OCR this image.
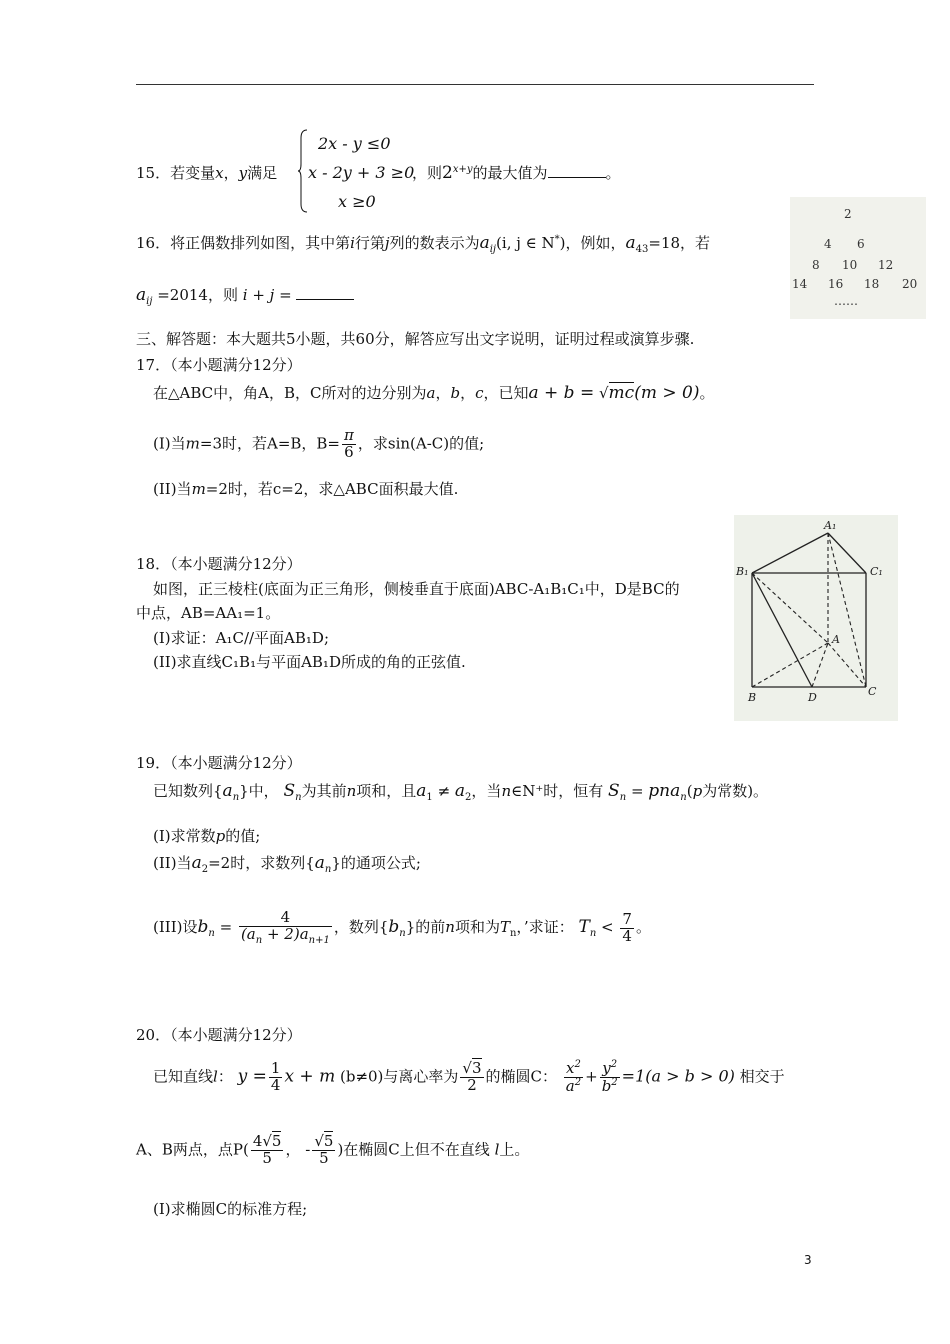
15．若变量x，y满足
2x - y ≤0
x - 2y + 3 ≥0
x ≥0
，则$2^{x+y}$的最大值为	。
16．将正偶数排列如图，其中第i行第j列的数表示为$a_{ij}(i$, j ∈ N*)，例如，$a_{43}=18$，若
$a_{ij} =2014$，则 i + j =
2
4 6
8 10 12
14 16 18 20
……
三、解答题：本大题共5小题，共60分，解答应写出文字说明，证明过程或演算步骤.
17．（本小题满分12分）
在△ABC中，角A，B，C所对的边分别为a，b，c，已知a + b = √mc(m > 0)。
(I)当m=3时，若A=B，$B= \frac{\pi}{6}$ ，求sin(A-C)的值;
(II)当m=2时，若c=2，求△ABC面积最大值.
18．（本小题满分12分）
如图，正三棱柱(底面为正三角形，侧棱垂直于底面)ABC-A₁B₁C₁中，D是BC的
中点，AB=AA₁=1。
(I)求证：A₁C//平面AB₁D;
(II)求直线C₁B₁与平面AB₁D所成的角的正弦值.
A₁
B₁	C₁
A
B	D	C
19．（本小题满分12分）
已知数列$\{a_n\}$中， $S_n$为其前n项和，且$a_1 \ne a_2$，当n∈N⁺时，恒有 $S_n = pna_n(p$为常数)。
(I)求常数p的值;
(II)当$a_2=2$时，求数列$\{a_n\}$的通项公式;
(III)设$b_n = \frac{4}{(a_n + 2)a_{n+1}}$ ，数列$\{b_n\}$的前n项和为$T_n$，’求证： $T_n < \frac{7}{4}$ 。
20．（本小题满分12分）
已知直线l： $y = \frac{1}{4}$ x + m (b≠0)与离心率为 $\frac{√3}{2}$ 的椭圆C： $\frac{x^2}{a^2} + \frac{y^2}{b^2} =1(a > b > 0)$ 相交于
A、B两点，点$P( \frac{4√5}{5}$ ， - $\frac{√5}{5}$ )在椭圆C上但不在直线 l上。
(I)求椭圆C的标准方程;
3
